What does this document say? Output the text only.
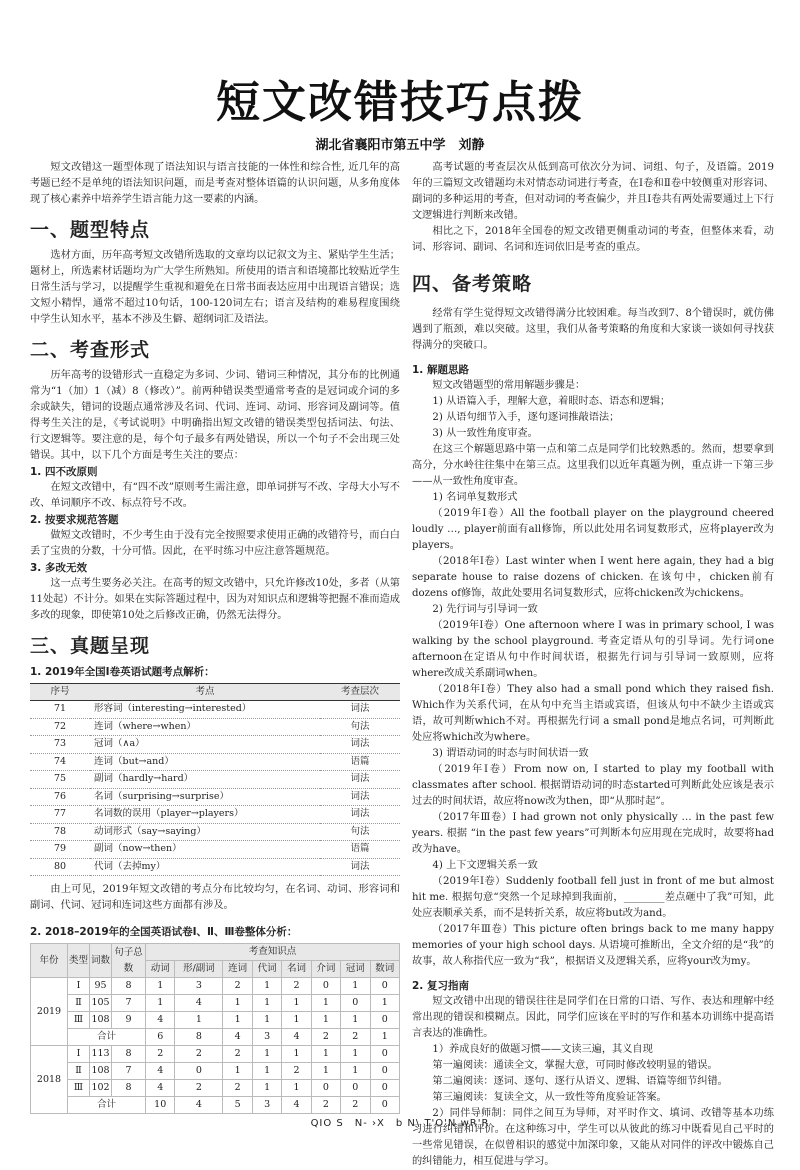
短文改错技巧点拨
湖北省襄阳市第五中学　刘静

短文改错这一题型体现了语法知识与语言技能的一体性和综合性, 近几年的高考题已经不是单纯的语法知识问题，而是考查对整体语篇的认识问题，从多角度体现了核心素养中培养学生语言能力这一要素的内涵。

一、题型特点

选材方面，历年高考短文改错所选取的文章均以记叙文为主、紧贴学生生活；题材上，所选素材话题均为广大学生所熟知。所使用的语言和语境都比较贴近学生日常生活与学习，以提醒学生重视和避免在日常书面表达应用中出现语言错误；选文短小精悍，通常不超过10句话，100-120词左右；语言及结构的难易程度围绕中学生认知水平，基本不涉及生僻、超纲词汇及语法。

二、考查形式

历年高考的设错形式一直稳定为多词、少词、错词三种情况，其分布的比例通常为“1（加）1（减）8（修改）”。前两种错误类型通常考查的是冠词或介词的多余或缺失，错词的设题点通常涉及名词、代词、连词、动词、形容词及副词等。值得考生关注的是，《考试说明》中明确指出短文改错的错误类型包括词法、句法、行文逻辑等。要注意的是，每个句子最多有两处错误，所以一个句子不会出现三处错误。其中，以下几个方面是考生关注的要点：

1. 四不改原则

在短文改错中，有“四不改”原则考生需注意，即单词拼写不改、字母大小写不改、单词顺序不改、标点符号不改。

2. 按要求规范答题

做短文改错时，不少考生由于没有完全按照要求使用正确的改错符号，而白白丢了宝贵的分数，十分可惜。因此，在平时练习中应注意答题规范。

3. 多改无效

这一点考生要务必关注。在高考的短文改错中，只允许修改10处，多者（从第11处起）不计分。如果在实际答题过程中，因为对知识点和逻辑等把握不准而造成多改的现象，即使第10处之后修改正确，仍然无法得分。

三、真题呈现
1. 2019年全国Ⅰ卷英语试题考点解析：
序号	考点	考查层次
71	形容词（interesting→interested）	词法
72	连词（where→when）	句法
73	冠词（∧a）	词法
74	连词（but→and）	语篇
75	副词（hardly→hard）	词法
76	名词（surprising→surprise）	词法
77	名词数的误用（player→players）	词法
78	动词形式（say→saying）	句法
79	副词（now→then）	语篇
80	代词（去掉my）	词法

由上可见，2019年短文改错的考点分布比较均匀，在名词、动词、形容词和副词、代词、冠词和连词这些方面都有涉及。

2. 2018–2019年的全国英语试卷Ⅰ、Ⅱ、Ⅲ卷整体分析：
年份	类型	词数	句子总数	考查知识点							
				动词	形/副词	连词	代词	名词	介词	冠词	数词
2019	Ⅰ	95	8	1	3	2	1	2	0	1	0
	Ⅱ	105	7	1	4	1	1	1	1	0	1
	Ⅲ	108	9	4	1	1	1	1	1	1	0
	合计			6	8	4	3	4	2	2	1
2018	Ⅰ	113	8	2	2	2	1	1	1	1	0
	Ⅱ	108	7	4	0	1	1	2	1	1	0
	Ⅲ	102	8	4	2	2	1	1	0	0	0
	合计			10	4	5	3	4	2	2	0

高考试题的考查层次从低到高可依次分为词、词组、句子，及语篇。2019年的三篇短文改错题均未对情态动词进行考查，在Ⅰ卷和Ⅱ卷中较侧重对形容词、副词的多种运用的考查，但对动词的考查偏少，并且Ⅰ卷共有两处需要通过上下行文逻辑进行判断来改错。

相比之下，2018年全国卷的短文改错更侧重动词的考查，但整体来看，动词、形容词、副词、名词和连词依旧是考查的重点。

四、备考策略

经常有学生觉得短文改错得满分比较困难。每当改到7、8个错误时，就仿佛遇到了瓶颈，难以突破。这里，我们从备考策略的角度和大家谈一谈如何寻找获得满分的突破口。

1. 解题思路

短文改错题型的常用解题步骤是：

1) 从语篇入手，理解大意，着眼时态、语态和逻辑；

2) 从语句细节入手，逐句逐词推敲语法；

3) 从一致性角度审查。

在这三个解题思路中第一点和第二点是同学们比较熟悉的。然而，想要拿到高分，分水岭往往集中在第三点。这里我们以近年真题为例，重点讲一下第三步——从一致性角度审查。

1) 名词单复数形式

（2019年Ⅰ卷）All the football player on the playground cheered loudly …, player前面有all修饰，所以此处用名词复数形式，应将player改为players。

（2018年Ⅰ卷）Last winter when I went here again, they had a big separate house to raise dozens of chicken. 在该句中，chicken前有dozens of修饰，故此处要用名词复数形式，应将chicken改为chickens。

2) 先行词与引导词一致

（2019年Ⅰ卷）One afternoon where I was in primary school, I was walking by the school playground. 考查定语从句的引导词。先行词one afternoon在定语从句中作时间状语，根据先行词与引导词一致原则，应将where改成关系副词when。

（2018年Ⅰ卷）They also had a small pond which they raised fish. Which作为关系代词，在从句中充当主语或宾语，但该从句中不缺少主语或宾语，故可判断which不对。再根据先行词 a small pond是地点名词，可判断此处应将which改为where。

3) 谓语动词的时态与时间状语一致

（2019年Ⅰ卷）From now on, I started to play my football with classmates after school. 根据谓语动词的时态started可判断此处应该是表示过去的时间状语，故应将now改为then，即“从那时起”。

（2017年Ⅲ卷）I had grown not only physically … in the past few years. 根据 “in the past few years”可判断本句应用现在完成时，故要将had改为have。

4) 上下文逻辑关系一致

（2019年Ⅰ卷）Suddenly football fell just in front of me but almost hit me. 根据句意“突然一个足球掉到我面前，________差点砸中了我”可知，此处应表顺承关系，而不是转折关系，故应将but改为and。

（2017年Ⅲ卷）This picture often brings back to me many happy memories of your high school days. 从语境可推断出，全文介绍的是“我”的故事，故人称指代应一致为“我”，根据语义及逻辑关系，应将your改为my。

2. 复习指南

短文改错中出现的错误往往是同学们在日常的口语、写作、表达和理解中经常出现的错误和模糊点。因此，同学们应该在平时的写作和基本功训练中提高语言表达的准确性。

1）养成良好的做题习惯——文读三遍，其义自现

第一遍阅读：通读全文，掌握大意，可同时修改较明显的错误。

第二遍阅读：逐词、逐句、逐行从语义、逻辑、语篇等细节纠错。

第三遍阅读：复读全文，从一致性等角度验证答案。

2）同伴导师制：同伴之间互为导师，对平时作文、填词、改错等基本功练习进行纠错和评价。在这种练习中，学生可以从彼此的练习中既看见自己平时的一些常见错误，在似曾相识的感觉中加深印象，又能从对同伴的评改中锻炼自己的纠错能力，相互促进与学习。

QIO S　N- ›X　b N\ T'O'N wR'R
